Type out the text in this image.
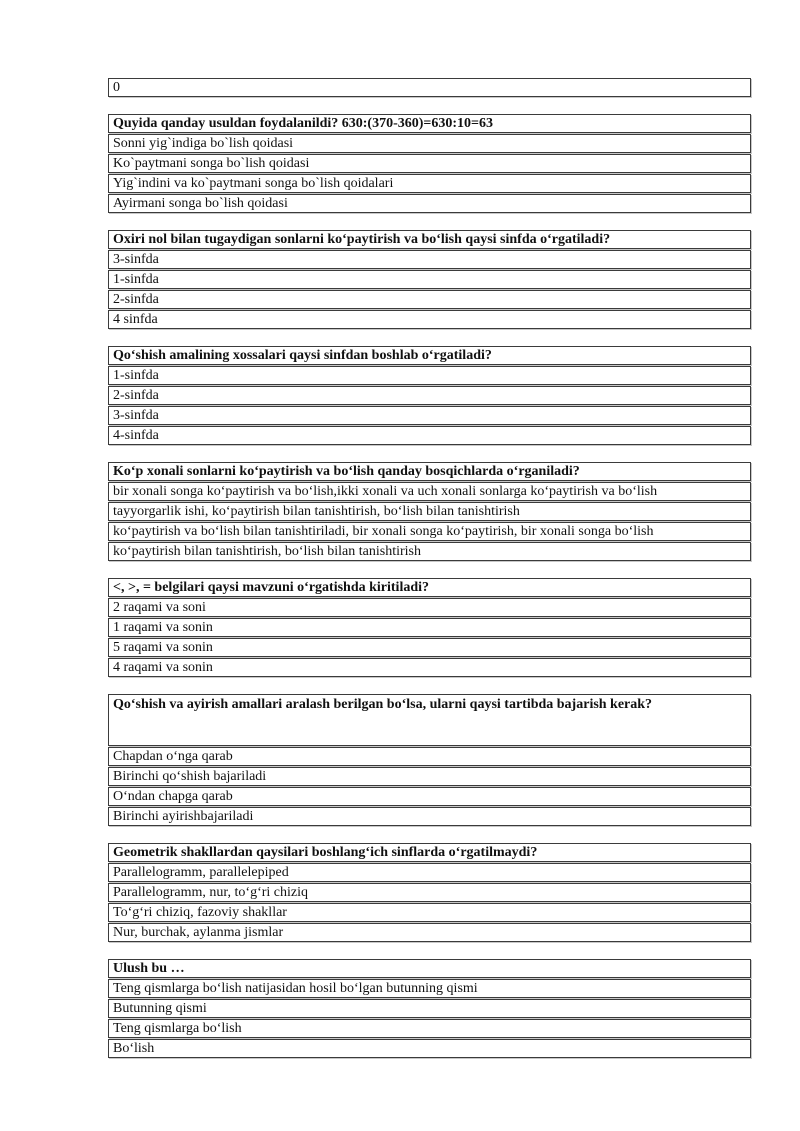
0
Quyida qanday usuldan foydalanildi? 630:(370-360)=630:10=63
Sonni yig`indiga bo`lish qoidasi
Ko`paytmani songa bo`lish qoidasi
Yig`indini va ko`paytmani songa bo`lish qoidalari
Ayirmani songa bo`lish qoidasi
Oxiri nol bilan tugaydigan sonlarni ko‘paytirish va bo‘lish qaysi sinfda o‘rgatiladi?
3-sinfda
1-sinfda
2-sinfda
4 sinfda
Qo‘shish amalining xossalari qaysi sinfdan boshlab o‘rgatiladi?
1-sinfda
2-sinfda
3-sinfda
4-sinfda
Ko‘p xonali sonlarni ko‘paytirish va bo‘lish qanday bosqichlarda o‘rganiladi?
bir xonali songa ko‘paytirish va bo‘lish,ikki xonali va uch xonali sonlarga ko‘paytirish va bo‘lish
tayyorgarlik ishi, ko‘paytirish bilan tanishtirish, bo‘lish bilan tanishtirish
ko‘paytirish va bo‘lish bilan tanishtiriladi, bir xonali songa ko‘paytirish, bir xonali songa bo‘lish
ko‘paytirish bilan tanishtirish, bo‘lish bilan tanishtirish
<, >, = belgilari qaysi mavzuni o‘rgatishda kiritiladi?
2 raqami va soni
1 raqami va sonin
5 raqami va sonin
4 raqami va sonin
Qo‘shish va ayirish amallari aralash berilgan bo‘lsa, ularni qaysi tartibda bajarish kerak?
Chapdan o‘nga qarab
Birinchi qo‘shish bajariladi
O‘ndan chapga qarab
Birinchi ayirishbajariladi
Geometrik shakllardan qaysilari boshlang‘ich sinflarda o‘rgatilmaydi?
Parallelogramm, parallelepiped
Parallelogramm, nur, to‘g‘ri chiziq
To‘g‘ri chiziq, fazoviy shakllar
Nur, burchak, aylanma jismlar
Ulush bu …
Teng qismlarga bo‘lish natijasidan hosil bo‘lgan butunning qismi
Butunning qismi
Teng qismlarga bo‘lish
Bo‘lish
